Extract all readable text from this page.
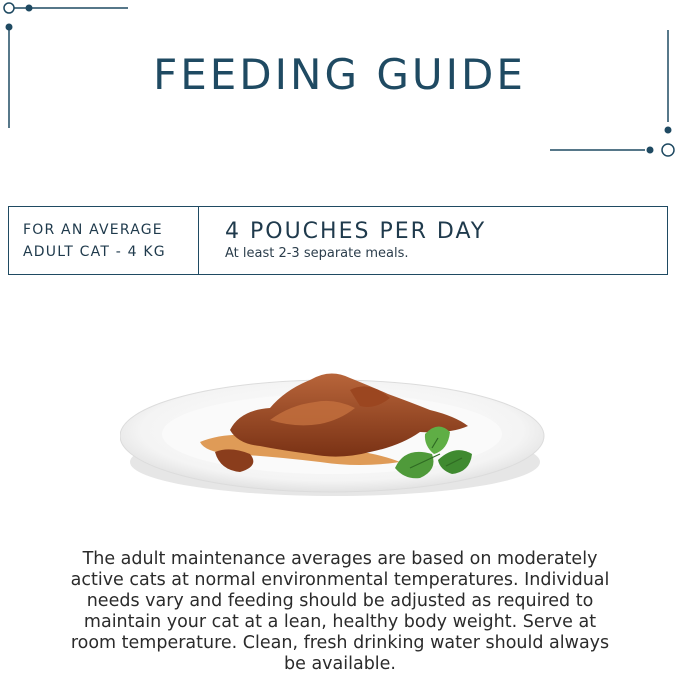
FEEDING GUIDE
FOR AN AVERAGE
ADULT CAT - 4 KG
4 POUCHES PER DAY
At least 2-3 separate meals.
The adult maintenance averages are based on moderately active cats at normal environmental temperatures. Individual needs vary and feeding should be adjusted as required to maintain your cat at a lean, healthy body weight. Serve at room temperature. Clean, fresh drinking water should always be available.
